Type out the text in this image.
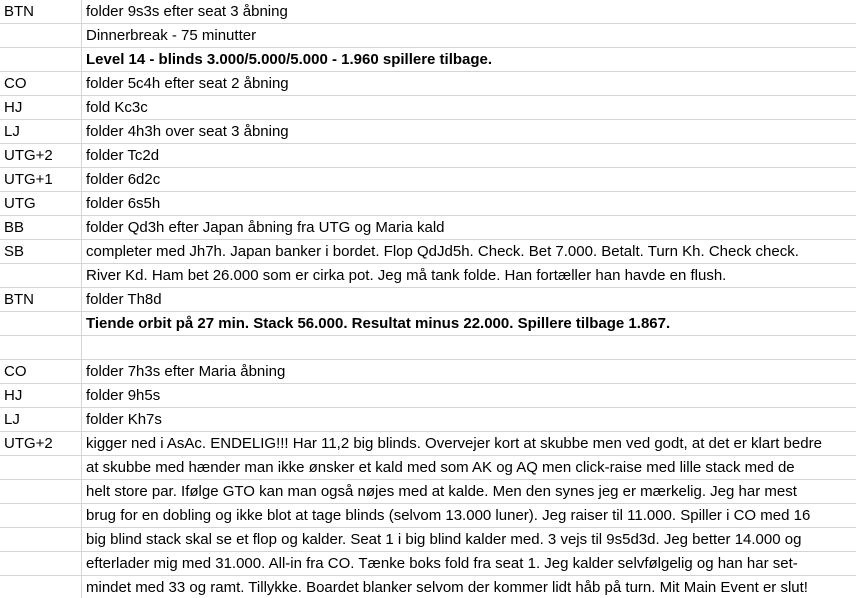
BTN	folder 9s3s efter seat 3 åbning
Dinnerbreak - 75 minutter
Level 14 - blinds 3.000/5.000/5.000 - 1.960 spillere tilbage.
CO	folder 5c4h efter seat 2 åbning
HJ	fold Kc3c
LJ	folder 4h3h over seat 3 åbning
UTG+2	folder Tc2d
UTG+1	folder 6d2c
UTG	folder 6s5h
BB	folder Qd3h efter Japan åbning fra UTG og Maria kald
SB	completer med Jh7h. Japan banker i bordet. Flop QdJd5h. Check. Bet 7.000. Betalt. Turn Kh. Check check.
River Kd. Ham bet 26.000 som er cirka pot. Jeg må tank folde. Han fortæller han havde en flush.
BTN	folder Th8d
Tiende orbit på 27 min. Stack 56.000. Resultat minus 22.000. Spillere tilbage 1.867.
CO	folder 7h3s efter Maria åbning
HJ	folder 9h5s
LJ	folder Kh7s
UTG+2	kigger ned i AsAc. ENDELIG!!! Har 11,2 big blinds. Overvejer kort at skubbe men ved godt, at det er klart bedre
at skubbe med hænder man ikke ønsker et kald med som AK og AQ men click-raise med lille stack med de
helt store par. Ifølge GTO kan man også nøjes med at kalde. Men den synes jeg er mærkelig. Jeg har mest
brug for en dobling og ikke blot at tage blinds (selvom 13.000 luner). Jeg raiser til 11.000. Spiller i CO med 16
big blind stack skal se et flop og kalder. Seat 1 i big blind kalder med. 3 vejs til 9s5d3d. Jeg better 14.000 og
efterlader mig med 31.000. All-in fra CO. Tænke boks fold fra seat 1. Jeg kalder selvfølgelig og han har set-
mindet med 33 og ramt. Tillykke. Boardet blanker selvom der kommer lidt håb på turn. Mit Main Event er slut!
